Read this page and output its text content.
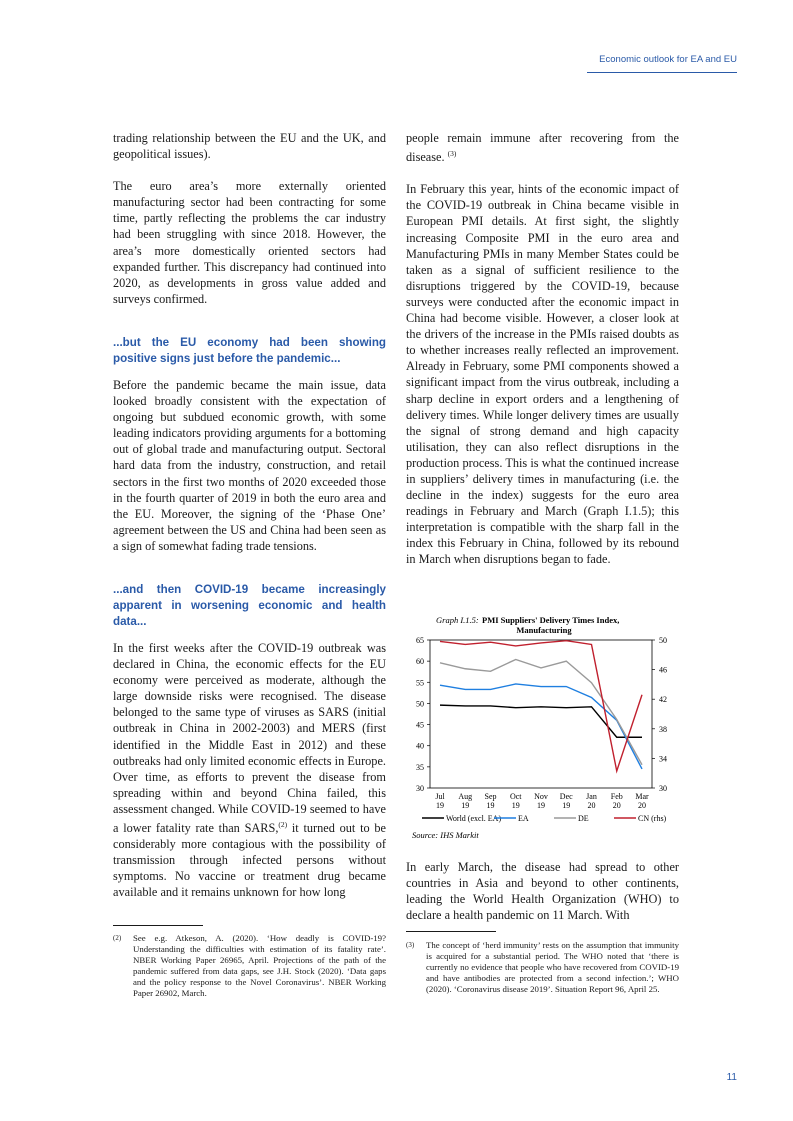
Economic outlook for EA and EU

trading relationship between the EU and the UK, and geopolitical issues).

The euro area’s more externally oriented manufacturing sector had been contracting for some time, partly reflecting the problems the car industry had been struggling with since 2018. However, the area’s more domestically oriented sectors had expanded further. This discrepancy had continued into 2020, as developments in gross value added and surveys confirmed.

...but the EU economy had been showing positive signs just before the pandemic...

Before the pandemic became the main issue, data looked broadly consistent with the expectation of ongoing but subdued economic growth, with some leading indicators providing arguments for a bottoming out of global trade and manufacturing output. Sectoral hard data from the industry, construction, and retail sectors in the first two months of 2020 exceeded those in the fourth quarter of 2019 in both the euro area and the EU. Moreover, the signing of the ‘Phase One’ agreement between the US and China had been seen as a sign of somewhat fading trade tensions.

...and then COVID-19 became increasingly apparent in worsening economic and health data...

In the first weeks after the COVID-19 outbreak was declared in China, the economic effects for the EU economy were perceived as moderate, although the large downside risks were recognised. The disease belonged to the same type of viruses as SARS (initial outbreak in China in 2002-2003) and MERS (first identified in the Middle East in 2012) and these outbreaks had only limited economic effects in Europe. Over time, as efforts to prevent the disease from spreading within and beyond China failed, this assessment changed. While COVID-19 seemed to have a lower fatality rate than SARS,$^{(2)}$ it turned out to be considerably more contagious with the possibility of transmission through infected persons without symptoms. No vaccine or treatment drug became available and it remains unknown for how long

people remain immune after recovering from the disease. $^{(3)}$

In February this year, hints of the economic impact of the COVID-19 outbreak in China became visible in European PMI details. At first sight, the slightly increasing Composite PMI in the euro area and Manufacturing PMIs in many Member States could be taken as a signal of sufficient resilience to the disruptions triggered by the COVID-19, because surveys were conducted after the economic impact in China had become visible. However, a closer look at the drivers of the increase in the PMIs raised doubts as to whether increases really reflected an improvement. Already in February, some PMI components showed a significant impact from the virus outbreak, including a sharp decline in export orders and a lengthening of delivery times. While longer delivery times are usually the signal of strong demand and high capacity utilisation, they can also reflect disruptions in the production process. This is what the continued increase in suppliers’ delivery times in manufacturing (i.e. the decline in the index) suggests for the euro area readings in February and March (Graph I.1.5); this interpretation is compatible with the sharp fall in the index this February in China, followed by its rebound in March when disruptions began to fade.

Graph I.1.5: PMI Suppliers' Delivery Times Index,
Manufacturing
30
35
40
45
50
55
60
65
30
34
38
42
46
50
Jul
19
Aug
19
Sep
19
Oct
19
Nov
19
Dec
19
Jan
20
Feb
20
Mar
20
World (excl. EA) EA	DE	CN (rhs)
Source: IHS Markit

In early March, the disease had spread to other countries in Asia and beyond to other continents, leading the World Health Organization (WHO) to declare a health pandemic on 11 March. With

(2) See e.g. Atkeson, A. (2020). ‘How deadly is COVID-19? Understanding the difficulties with estimation of its fatality rate’. NBER Working Paper 26965, April. Projections of the path of the pandemic suffered from data gaps, see J.H. Stock (2020). ‘Data gaps and the policy response to the Novel Coronavirus’. NBER Working Paper 26902, March.
(3) The concept of ‘herd immunity’ rests on the assumption that immunity is acquired for a substantial period. The WHO noted that ‘there is currently no evidence that people who have recovered from COVID-19 and have antibodies are protected from a second infection.’; WHO (2020). ‘Coronavirus disease 2019’. Situation Report 96, April 25.
11
